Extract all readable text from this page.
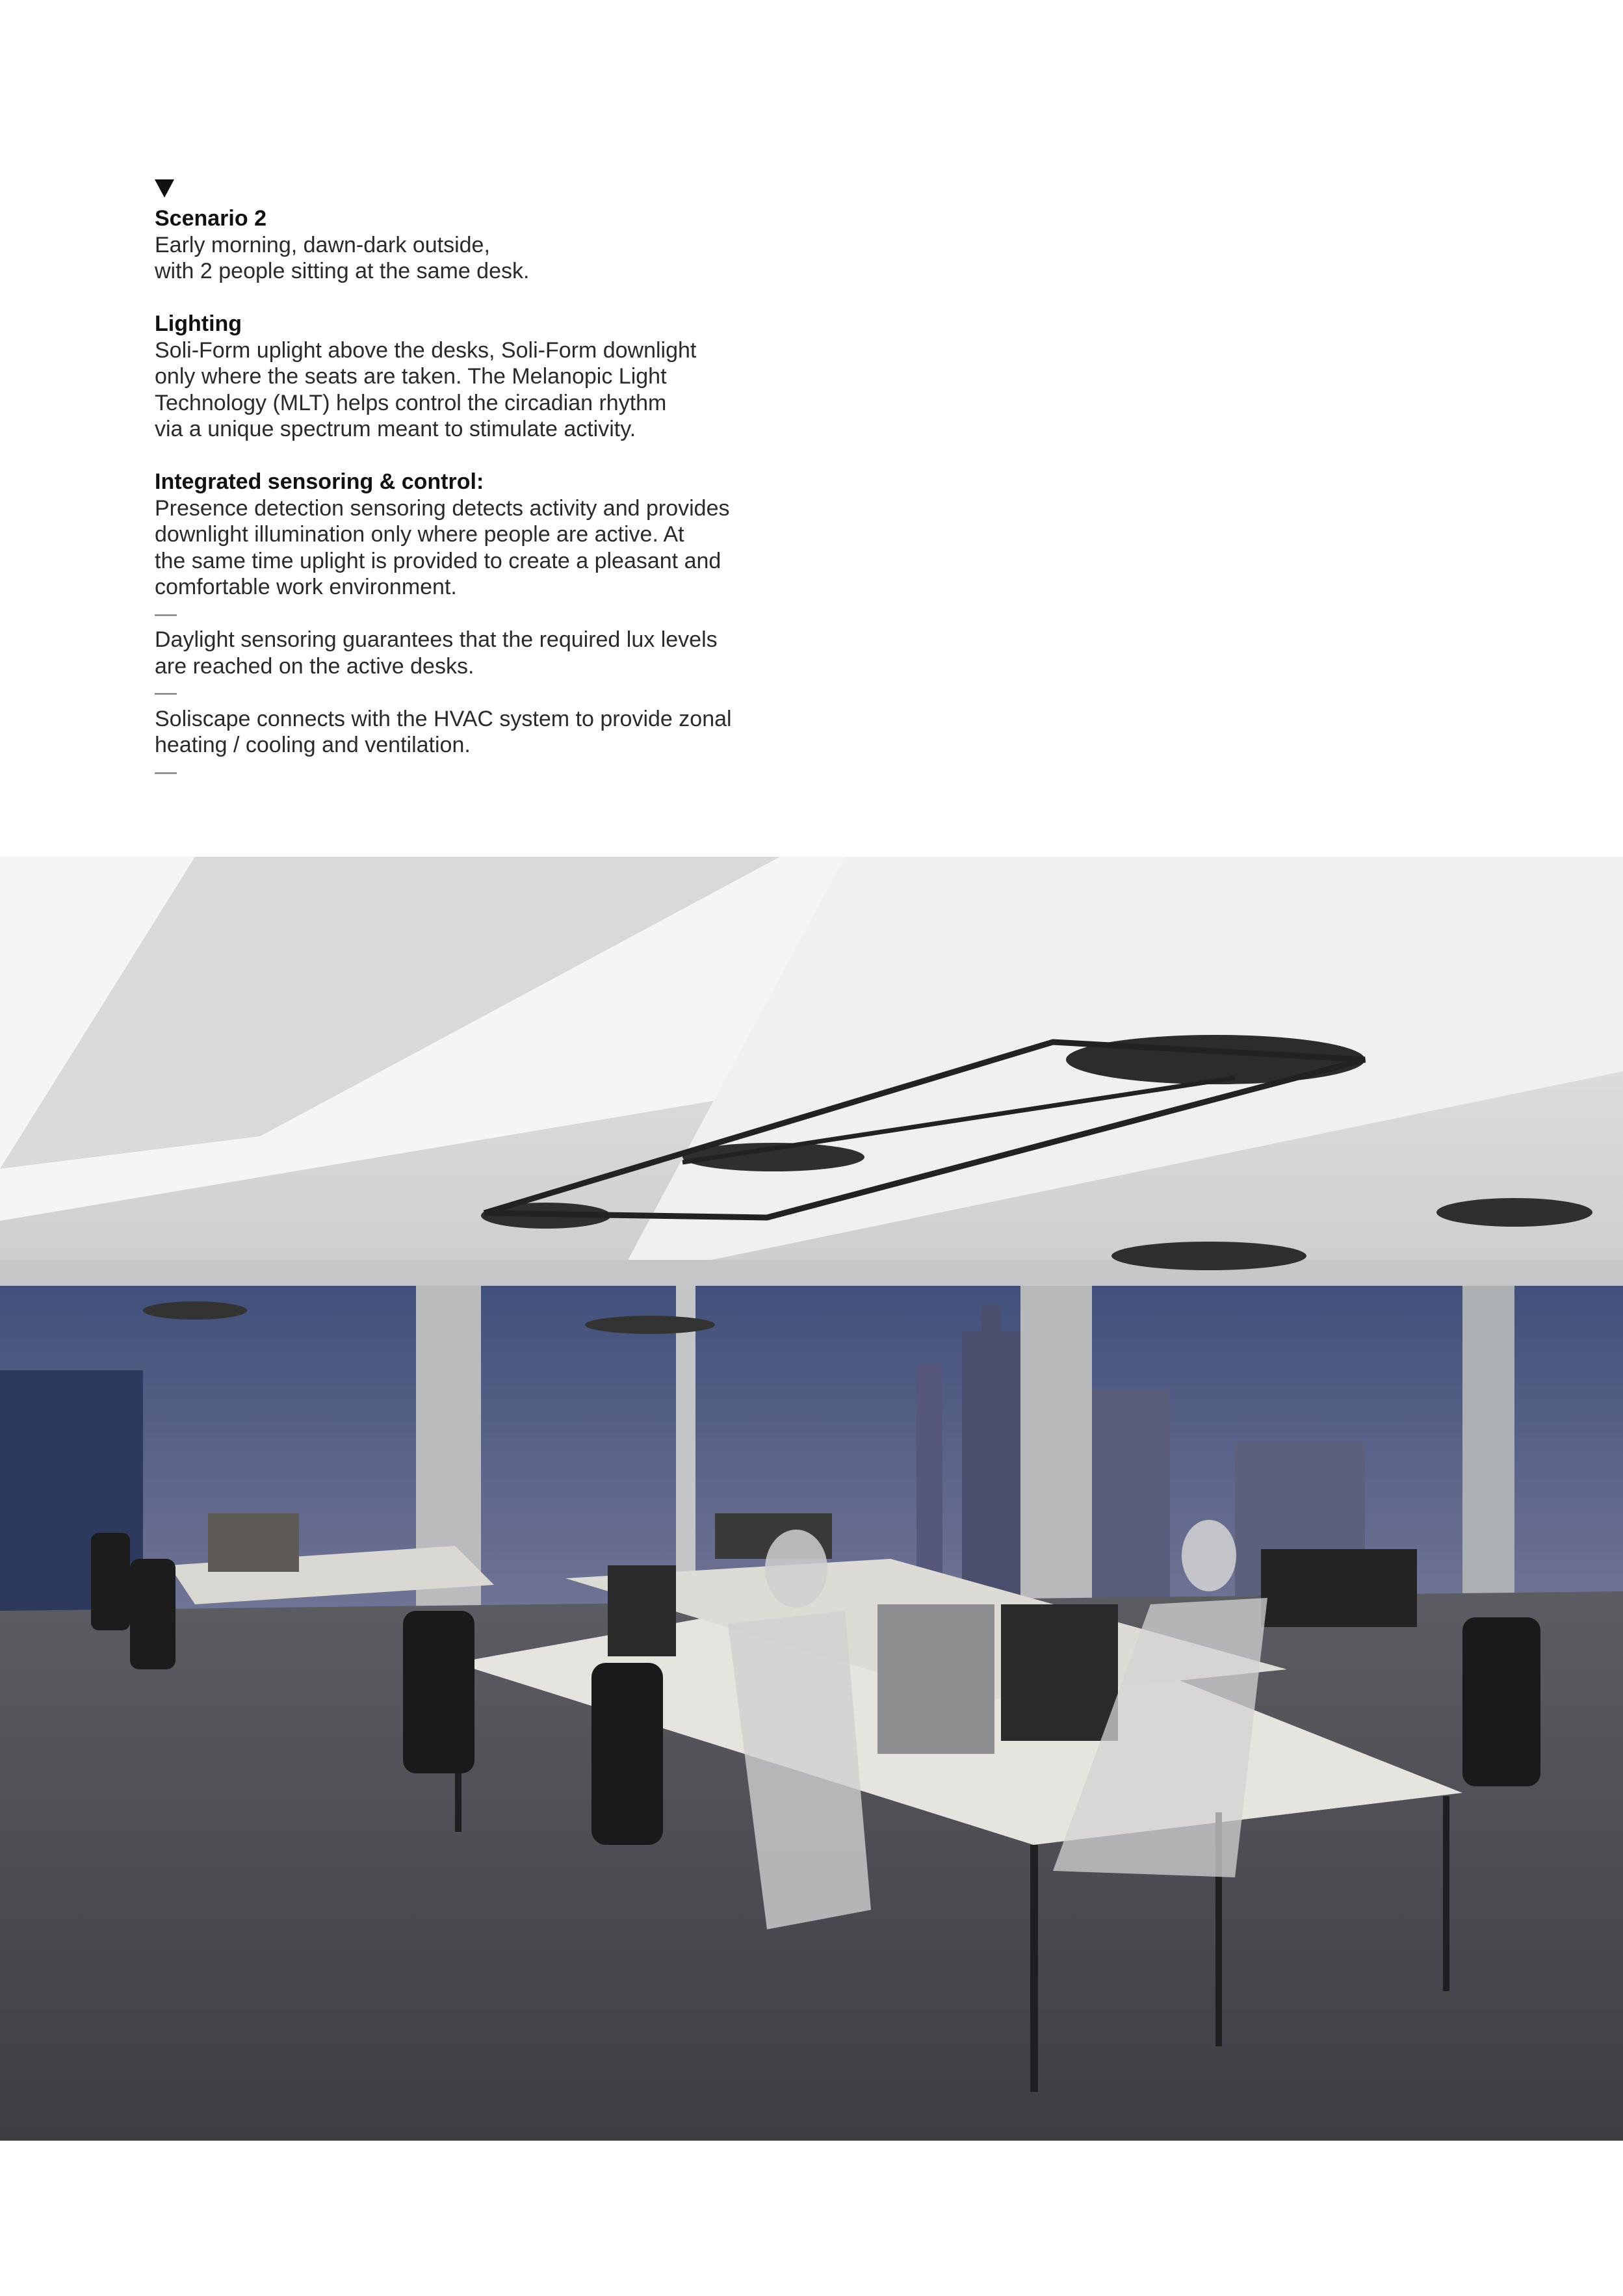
Scenario 2
Early morning, dawn-dark outside,
with 2 people sitting at the same desk.
Lighting
Soli-Form uplight above the desks, Soli-Form downlight
only where the seats are taken. The Melanopic Light
Technology (MLT) helps control the circadian rhythm
via a unique spectrum meant to stimulate activity.
Integrated sensoring & control:
Presence detection sensoring detects activity and provides
downlight illumination only where people are active. At
the same time uplight is provided to create a pleasant and
comfortable work environment.
—
Daylight sensoring guarantees that the required lux levels
are reached on the active desks.
—
Soliscape connects with the HVAC system to provide zonal
heating / cooling and ventilation.
—
